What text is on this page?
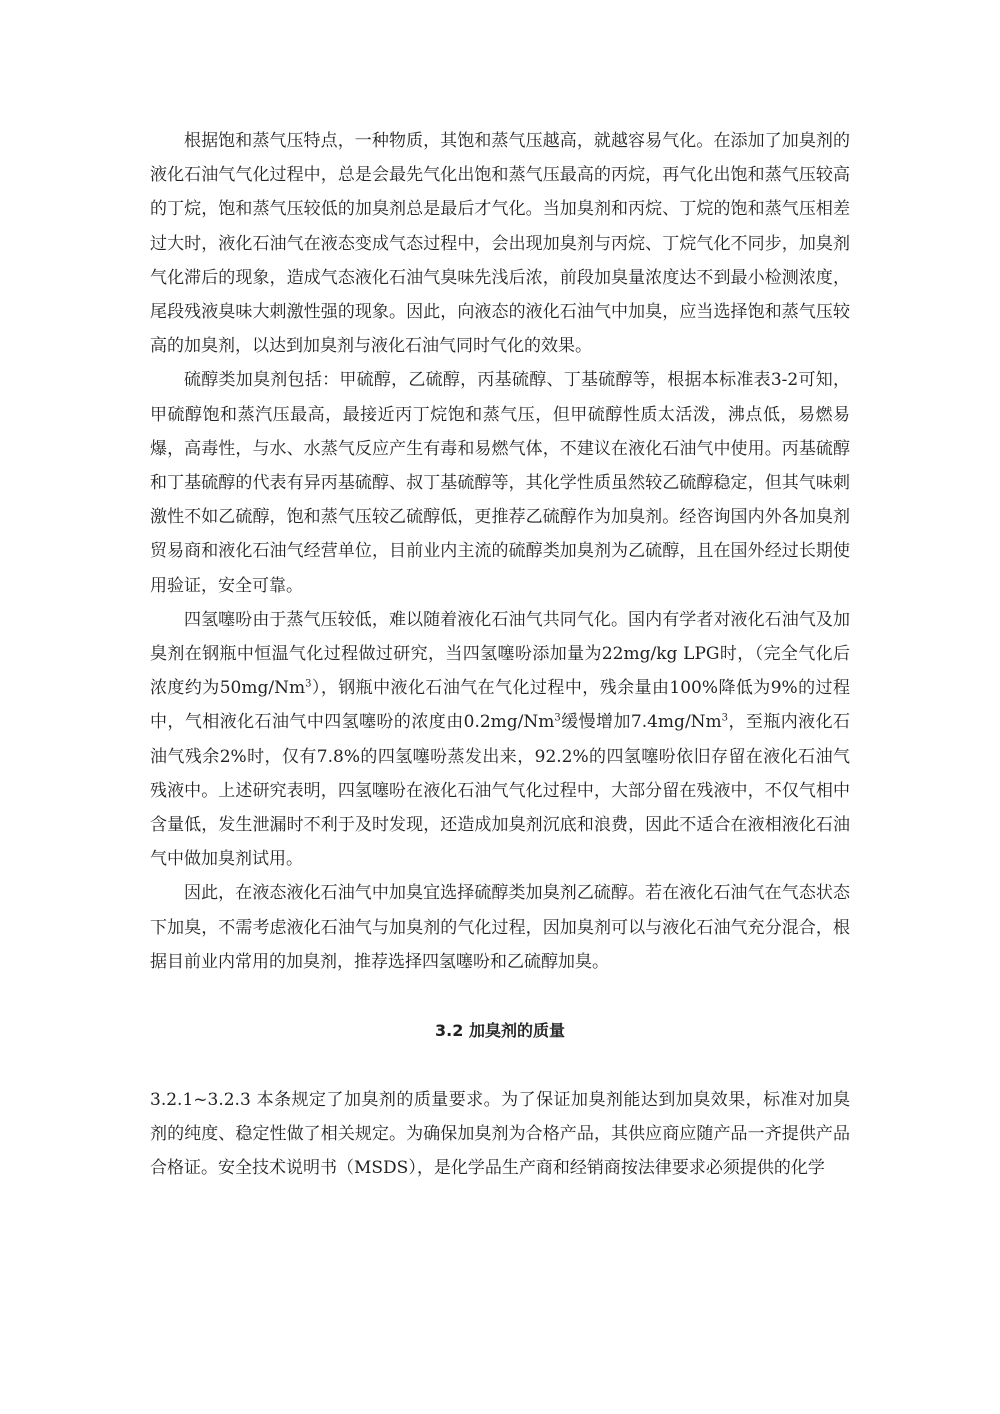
根据饱和蒸气压特点，一种物质，其饱和蒸气压越高，就越容易气化。在添加了加臭剂的液化石油气气化过程中，总是会最先气化出饱和蒸气压最高的丙烷，再气化出饱和蒸气压较高的丁烷，饱和蒸气压较低的加臭剂总是最后才气化。当加臭剂和丙烷、丁烷的饱和蒸气压相差过大时，液化石油气在液态变成气态过程中，会出现加臭剂与丙烷、丁烷气化不同步，加臭剂气化滞后的现象，造成气态液化石油气臭味先浅后浓，前段加臭量浓度达不到最小检测浓度，尾段残液臭味大刺激性强的现象。因此，向液态的液化石油气中加臭，应当选择饱和蒸气压较高的加臭剂，以达到加臭剂与液化石油气同时气化的效果。

硫醇类加臭剂包括：甲硫醇，乙硫醇，丙基硫醇、丁基硫醇等，根据本标准表3-2可知，甲硫醇饱和蒸汽压最高，最接近丙丁烷饱和蒸气压，但甲硫醇性质太活泼，沸点低，易燃易爆，高毒性，与水、水蒸气反应产生有毒和易燃气体，不建议在液化石油气中使用。丙基硫醇和丁基硫醇的代表有异丙基硫醇、叔丁基硫醇等，其化学性质虽然较乙硫醇稳定，但其气味刺激性不如乙硫醇，饱和蒸气压较乙硫醇低，更推荐乙硫醇作为加臭剂。经咨询国内外各加臭剂贸易商和液化石油气经营单位，目前业内主流的硫醇类加臭剂为乙硫醇，且在国外经过长期使用验证，安全可靠。

四氢噻吩由于蒸气压较低，难以随着液化石油气共同气化。国内有学者对液化石油气及加臭剂在钢瓶中恒温气化过程做过研究，当四氢噻吩添加量为22mg/kg LPG时，（完全气化后浓度约为50mg/Nm$^3$），钢瓶中液化石油气在气化过程中，残余量由100%降低为9%的过程中，气相液化石油气中四氢噻吩的浓度由0.2mg/Nm$^3$缓慢增加7.4mg/Nm$^3$，至瓶内液化石油气残余2%时，仅有7.8%的四氢噻吩蒸发出来，92.2%的四氢噻吩依旧存留在液化石油气残液中。上述研究表明，四氢噻吩在液化石油气气化过程中，大部分留在残液中，不仅气相中含量低，发生泄漏时不利于及时发现，还造成加臭剂沉底和浪费，因此不适合在液相液化石油气中做加臭剂试用。

因此，在液态液化石油气中加臭宜选择硫醇类加臭剂乙硫醇。若在液化石油气在气态状态下加臭，不需考虑液化石油气与加臭剂的气化过程，因加臭剂可以与液化石油气充分混合，根据目前业内常用的加臭剂，推荐选择四氢噻吩和乙硫醇加臭。

3.2 加臭剂的质量

3.2.1~3.2.3 本条规定了加臭剂的质量要求。为了保证加臭剂能达到加臭效果，标准对加臭剂的纯度、稳定性做了相关规定。为确保加臭剂为合格产品，其供应商应随产品一齐提供产品合格证。安全技术说明书（MSDS），是化学品生产商和经销商按法律要求必须提供的化学
